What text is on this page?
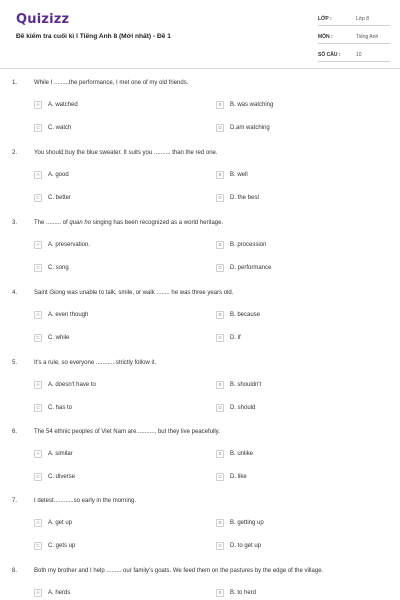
Quizizz
Đề kiểm tra cuối kì I Tiếng Anh 8 (Mới nhất) - Đề 1
LỚP :	Lớp 8
MÔN :	Tiếng Anh
SỐ CÂU :	10
1.	While I .........the performance, I met one of my old friends.
A	A. watched	B	B. was watching
C	C. watch	D	D.am watching
2.	You should buy the blue sweater. It suits you .......... than the red one.
A	A. good	B	B. well
C	C. better	D	D. the best
3.	The ......... of quan ho singing has been recognized as a world heritage.
A	A. preservation.	B	B. procession
C	C. song	D	D. performance
4.	Saint Giong was unable to talk, smile, or walk ........ he was three years old.
A	A. even though	B	B. because
C	C. while	D	D. if
5.	It's a rule, so everyone ............strictly follow it.
A	A. doesn't have to	B	B. shouldn't
C	C. has to	D	D. should
6.	The 54 ethnic peoples of Viet Nam are..........., but they live peacefully.
A	A. similar	B	B. unlike
C	C. diverse	D	D. like
7.	I detest............so early in the morning.
A	A. get up	B	B. getting up
C	C. gets up	D	D. to get up
8.	Both my brother and I help ......... our family's goats. We feed them on the pastures by the edge of the village.
A	A. herds	B	B. to herd
